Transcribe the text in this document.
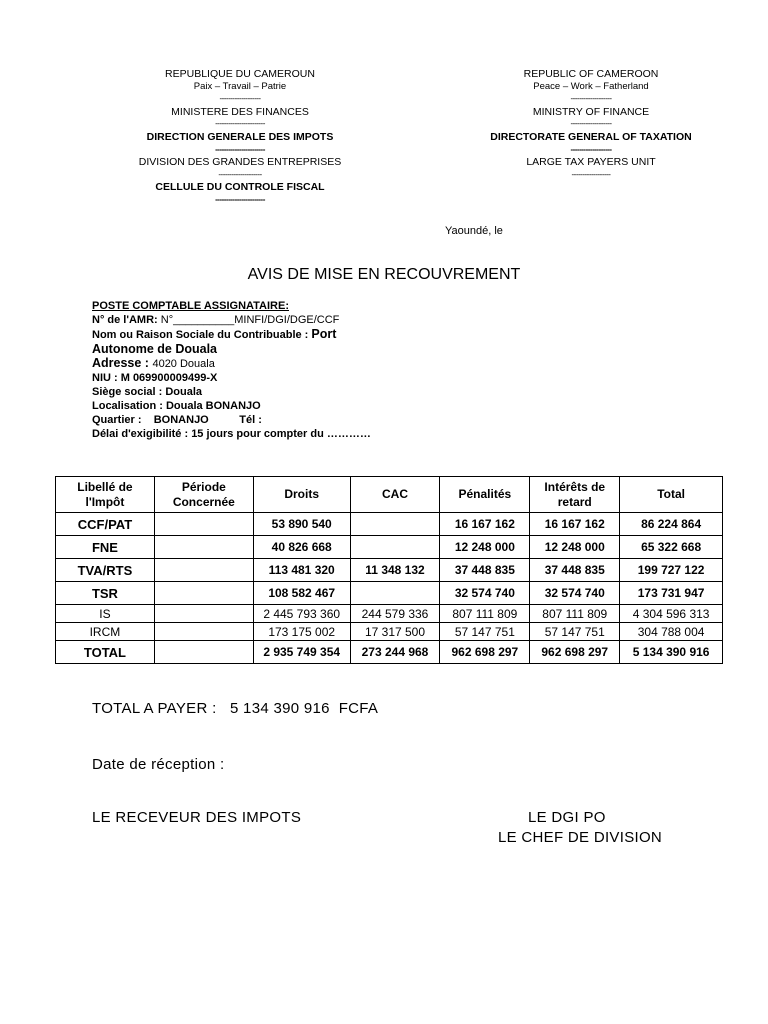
REPUBLIQUE DU CAMEROUN
Paix – Travail – Patrie
-------------------
MINISTERE DES FINANCES
-----------------------
DIRECTION GENERALE DES IMPOTS
-----------------------
DIVISION DES GRANDES ENTREPRISES
--------------------
CELLULE DU CONTROLE FISCAL
-----------------------
REPUBLIC OF CAMEROON
Peace – Work – Fatherland
-------------------
MINISTRY OF FINANCE
-------------------
DIRECTORATE GENERAL OF TAXATION
-------------------
LARGE TAX PAYERS UNIT
------------------
Yaoundé, le
AVIS DE MISE EN RECOUVREMENT
POSTE COMPTABLE ASSIGNATAIRE:
N° de l'AMR: N°__________MINFI/DGI/DGE/CCF
Nom ou Raison Sociale du Contribuable : Port
Autonome de Douala
Adresse : 4020 Douala
NIU : M 069900009499-X
Siège social : Douala
Localisation : Douala BONANJO
Quartier :    BONANJO          Tél :
Délai d'exigibilité : 15 jours pour compter du …………
Libellé de l'Impôt	Période Concernée	Droits	CAC	Pénalités	Intérêts de retard	Total
CCF/PAT		53 890 540		16 167 162	16 167 162	86 224 864
FNE		40 826 668		12 248 000	12 248 000	65 322 668
TVA/RTS		113 481 320	11 348 132	37 448 835	37 448 835	199 727 122
TSR		108 582 467		32 574 740	32 574 740	173 731 947
IS		2 445 793 360	244 579 336	807 111 809	807 111 809	4 304 596 313
IRCM		173 175 002	17 317 500	57 147 751	57 147 751	304 788 004
TOTAL		2 935 749 354	273 244 968	962 698 297	962 698 297	5 134 390 916
TOTAL A PAYER :   5 134 390 916  FCFA
Date de réception :
LE RECEVEUR DES IMPOTS	LE DGI PO
LE CHEF DE DIVISION
